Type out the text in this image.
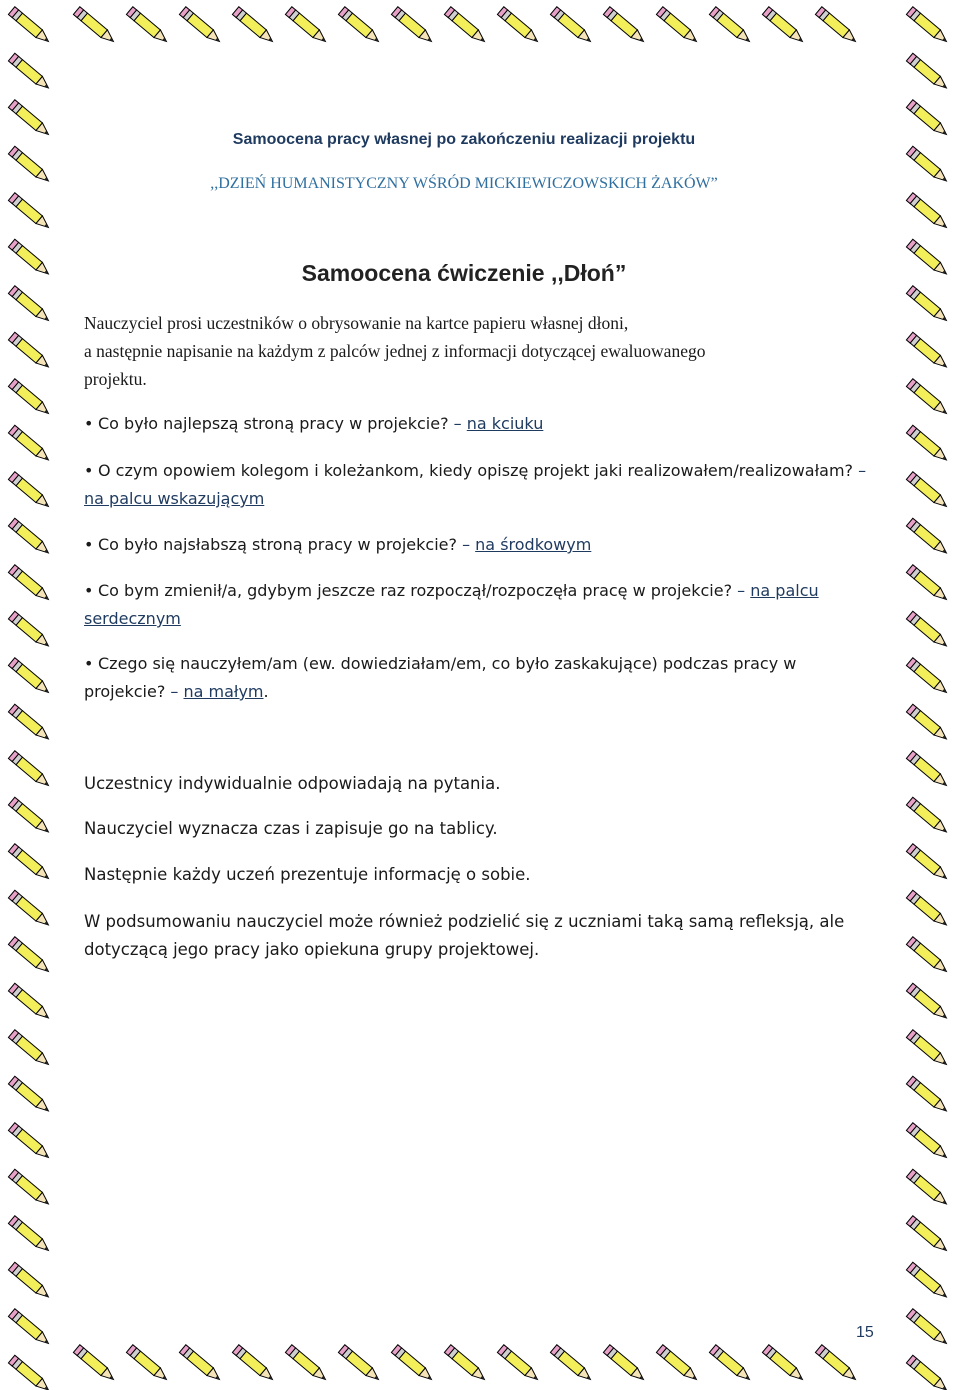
Samoocena pracy własnej po zakończeniu realizacji projektu
,,DZIEŃ HUMANISTYCZNY WŚRÓD MICKIEWICZOWSKICH ŻAKÓW”
Samoocena ćwiczenie ,,Dłoń”
Nauczyciel prosi uczestników o obrysowanie na kartce papieru własnej dłoni,
a następnie napisanie na każdym z palców jednej z informacji dotyczącej ewaluowanego
projektu.
• Co było najlepszą stroną pracy w projekcie? – na kciuku
• O czym opowiem kolegom i koleżankom, kiedy opiszę projekt jaki realizowałem/realizowałam? – na palcu wskazującym
• Co było najsłabszą stroną pracy w projekcie? – na środkowym
• Co bym zmienił/a, gdybym jeszcze raz rozpoczął/rozpoczęła pracę w projekcie? – na palcu serdecznym
• Czego się nauczyłem/am (ew. dowiedziałam/em, co było zaskakujące) podczas pracy w projekcie? – na małym.
Uczestnicy indywidualnie odpowiadają na pytania.
Nauczyciel wyznacza czas i zapisuje go na tablicy.
Następnie każdy uczeń prezentuje informację o sobie.
W podsumowaniu nauczyciel może również podzielić się z uczniami taką samą refleksją, ale dotyczącą jego pracy jako opiekuna grupy projektowej.
15
